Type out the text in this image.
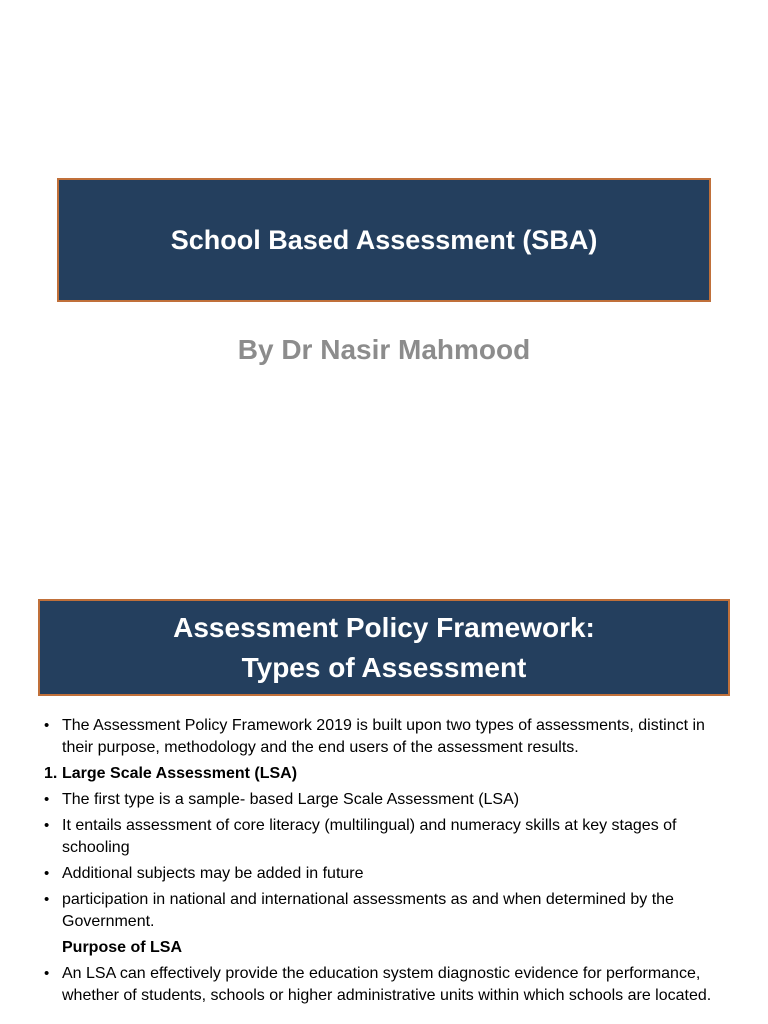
School Based Assessment (SBA)
By Dr Nasir Mahmood
Assessment Policy Framework:
Types of Assessment
• The Assessment Policy Framework 2019 is built upon two types of assessments, distinct in their purpose, methodology and the end users of the assessment results.
1. Large Scale Assessment (LSA)
• The first type is a sample- based Large Scale Assessment (LSA)
• It entails assessment of core literacy (multilingual) and numeracy skills at key stages of schooling
• Additional subjects may be added in future
• participation in national and international assessments as and when determined by the Government.
Purpose of LSA
• An LSA can effectively provide the education system diagnostic evidence for performance, whether of students, schools or higher administrative units within which schools are located.
